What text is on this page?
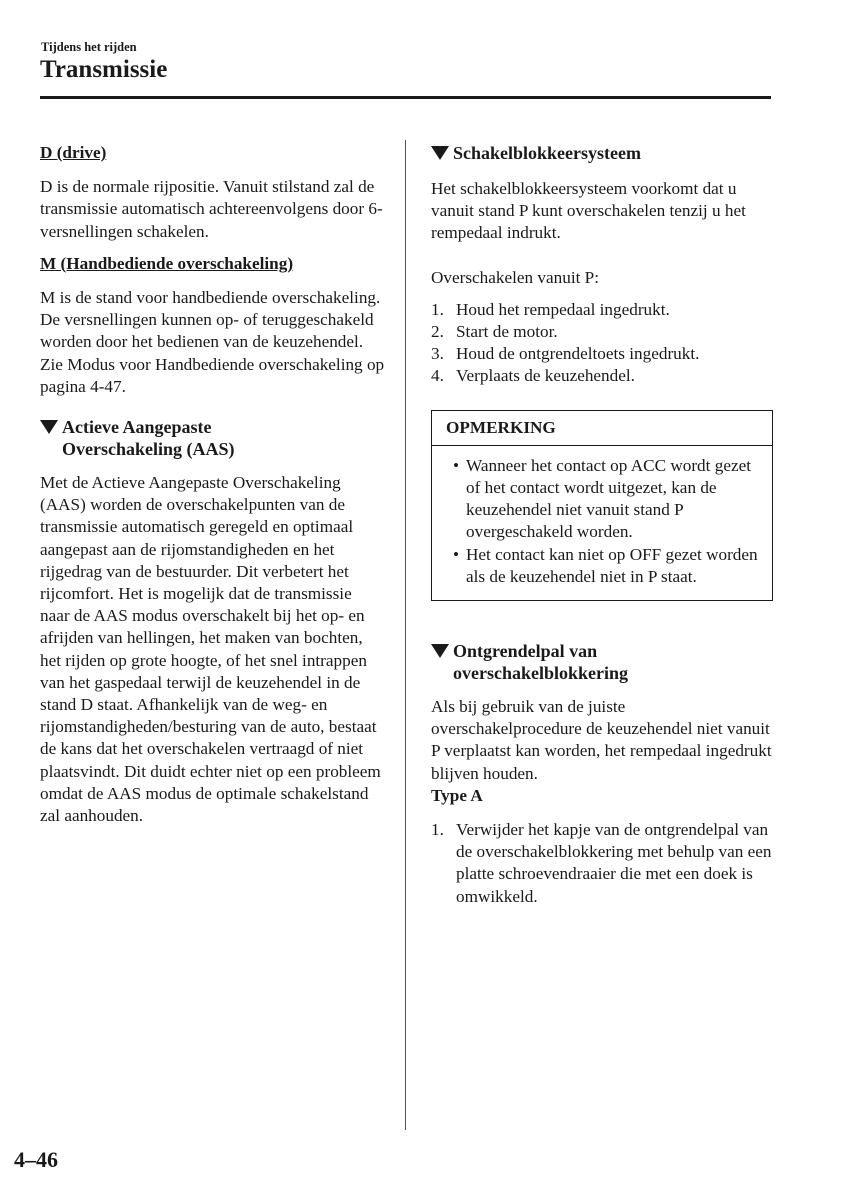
Tijdens het rijden
Transmissie

D (drive)

D is de normale rijpositie. Vanuit stilstand zal de transmissie automatisch achtereenvolgens door 6-versnellingen schakelen.

M (Handbediende overschakeling)

M is de stand voor handbediende overschakeling. De versnellingen kunnen op- of teruggeschakeld worden door het bedienen van de keuzehendel. Zie Modus voor Handbediende overschakeling op pagina 4-47.

Actieve Aangepaste
Overschakeling (AAS)

Met de Actieve Aangepaste Overschakeling (AAS) worden de overschakelpunten van de transmissie automatisch geregeld en optimaal aangepast aan de rijomstandigheden en het rijgedrag van de bestuurder. Dit verbetert het rijcomfort. Het is mogelijk dat de transmissie naar de AAS modus overschakelt bij het op- en afrijden van hellingen, het maken van bochten, het rijden op grote hoogte, of het snel intrappen van het gaspedaal terwijl de keuzehendel in de stand D staat. Afhankelijk van de weg- en rijomstandigheden/besturing van de auto, bestaat de kans dat het overschakelen vertraagd of niet plaatsvindt. Dit duidt echter niet op een probleem omdat de AAS modus de optimale schakelstand zal aanhouden.

Schakelblokkeersysteem

Het schakelblokkeersysteem voorkomt dat u vanuit stand P kunt overschakelen tenzij u het rempedaal indrukt.

Overschakelen vanuit P:

1. Houd het rempedaal ingedrukt.
2. Start de motor.
3. Houd de ontgrendeltoets ingedrukt.
4. Verplaats de keuzehendel.
OPMERKING
• Wanneer het contact op ACC wordt gezet of het contact wordt uitgezet, kan de keuzehendel niet vanuit stand P overgeschakeld worden.
• Het contact kan niet op OFF gezet worden als de keuzehendel niet in P staat.
Ontgrendelpal van
overschakelblokkering

Als bij gebruik van de juiste overschakelprocedure de keuzehendel niet vanuit P verplaatst kan worden, het rempedaal ingedrukt blijven houden.

Type A

1. Verwijder het kapje van de ontgrendelpal van de overschakelblokkering met behulp van een platte schroevendraaier die met een doek is omwikkeld.
4–46
